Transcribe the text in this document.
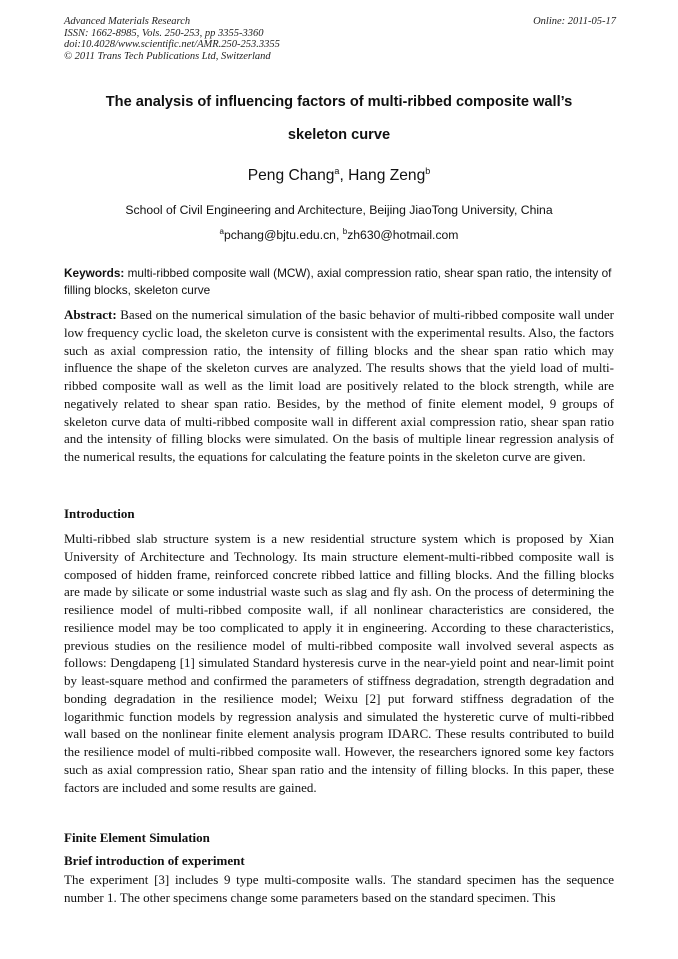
Advanced Materials Research
ISSN: 1662-8985, Vols. 250-253, pp 3355-3360
doi:10.4028/www.scientific.net/AMR.250-253.3355
© 2011 Trans Tech Publications Ltd, Switzerland
Online: 2011-05-17
The analysis of influencing factors of multi-ribbed composite wall’s
skeleton curve
Peng Chang$^a$, Hang Zeng$^b$
School of Civil Engineering and Architecture, Beijing JiaoTong University, China
$^a$pchang@bjtu.edu.cn, $^b$zh630@hotmail.com
Keywords: multi-ribbed composite wall (MCW), axial compression ratio, shear span ratio, the intensity of filling blocks, skeleton curve
Abstract: Based on the numerical simulation of the basic behavior of multi-ribbed composite wall under low frequency cyclic load, the skeleton curve is consistent with the experimental results. Also, the factors such as axial compression ratio, the intensity of filling blocks and the shear span ratio which may influence the shape of the skeleton curves are analyzed. The results shows that the yield load of multi-ribbed composite wall as well as the limit load are positively related to the block strength, while are negatively related to shear span ratio. Besides, by the method of finite element model, 9 groups of skeleton curve data of multi-ribbed composite wall in different axial compression ratio, shear span ratio and the intensity of filling blocks were simulated. On the basis of multiple linear regression analysis of the numerical results, the equations for calculating the feature points in the skeleton curve are given.
Introduction
Multi-ribbed slab structure system is a new residential structure system which is proposed by Xian University of Architecture and Technology. Its main structure element-multi-ribbed composite wall is composed of hidden frame, reinforced concrete ribbed lattice and filling blocks. And the filling blocks are made by silicate or some industrial waste such as slag and fly ash. On the process of determining the resilience model of multi-ribbed composite wall, if all nonlinear characteristics are considered, the resilience model may be too complicated to apply it in engineering. According to these characteristics, previous studies on the resilience model of multi-ribbed composite wall involved several aspects as follows: Dengdapeng [1] simulated Standard hysteresis curve in the near-yield point and near-limit point by least-square method and confirmed the parameters of stiffness degradation, strength degradation and bonding degradation in the resilience model; Weixu [2] put forward stiffness degradation of the logarithmic function models by regression analysis and simulated the hysteretic curve of multi-ribbed wall based on the nonlinear finite element analysis program IDARC. These results contributed to build the resilience model of multi-ribbed composite wall. However, the researchers ignored some key factors such as axial compression ratio, Shear span ratio and the intensity of filling blocks. In this paper, these factors are included and some results are gained.
Finite Element Simulation
Brief introduction of experiment
The experiment [3] includes 9 type multi-composite walls. The standard specimen has the sequence number 1. The other specimens change some parameters based on the standard specimen. This
